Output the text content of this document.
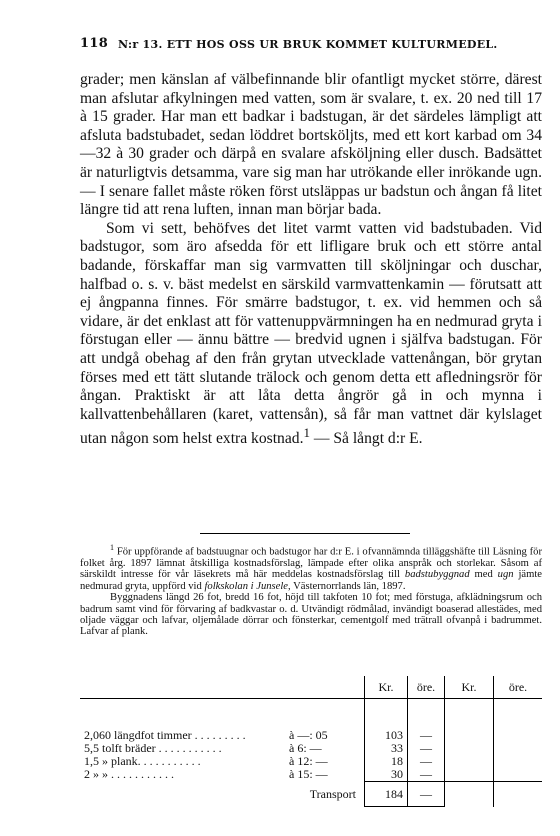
118 N:r 13. ETT HOS OSS UR BRUK KOMMET KULTURMEDEL.

grader; men känslan af välbefinnande blir ofantligt mycket större, därest man afslutar afkylningen med vatten, som är svalare, t. ex. 20 ned till 17 à 15 grader. Har man ett badkar i badstugan, är det särdeles lämpligt att afsluta badstubadet, sedan löddret bortsköljts, med ett kort karbad om 34—32 à 30 grader och därpå en svalare afsköljning eller dusch. Badsättet är naturligtvis detsamma, vare sig man har utrökande eller inrökande ugn. — I senare fallet måste röken först utsläppas ur badstun och ångan få litet längre tid att rena luften, innan man börjar bada.

Som vi sett, behöfves det litet varmt vatten vid badstubaden. Vid badstugor, som äro afsedda för ett lifligare bruk och ett större antal badande, förskaffar man sig varmvatten till sköljningar och duschar, halfbad o. s. v. bäst medelst en särskild varmvattenkamin — förutsatt att ej ångpanna finnes. För smärre badstugor, t. ex. vid hemmen och så vidare, är det enklast att för vattenuppvärmningen ha en nedmurad gryta i förstugan eller — ännu bättre — bredvid ugnen i själfva badstugan. För att undgå obehag af den från grytan utvecklade vattenångan, bör grytan förses med ett tätt slutande trälock och genom detta ett afledningsrör för ångan. Praktiskt är att låta detta ångrör gå in och mynna i kallvattenbehållaren (karet, vattensån), så får man vattnet där kylslaget utan någon som helst extra kostnad.$^1$ — Så långt d:r E.

$^1$ För uppförande af badstuugnar och badstugor har d:r E. i ofvannämnda tilläggshäfte till Läsning för folket årg. 1897 lämnat åtskilliga kostnadsförslag, lämpade efter olika anspråk och storlekar. Såsom af särskildt intresse för vår läsekrets må här meddelas kostnadsförslag till badstubyggnad med ugn jämte nedmurad gryta, uppförd vid folkskolan i Junsele, Västernorrlands län, 1897.

Byggnadens längd 26 fot, bredd 16 fot, höjd till takfoten 10 fot; med förstuga, afklädningsrum och badrum samt vind för förvaring af badkvastar o. d. Utvändigt rödmålad, invändigt boaserad allestädes, med oljade väggar och lafvar, oljemålade dörrar och fönsterkar, cementgolf med trätrall ofvanpå i badrummet. Lafvar af plank.

	Kr.	öre.	Kr.	öre.

2,060 längdfot timmer . . . . . . . . . à —: 05	103	—		
5,5 tolft bräder . . . . . . . . . . . à 6: —	33	—		
1,5 » plank. . . . . . . . . . . à 12: —	18	—		
2 » » . . . . . . . . . . . à 15: —	30	—		
Transport	184	—		
